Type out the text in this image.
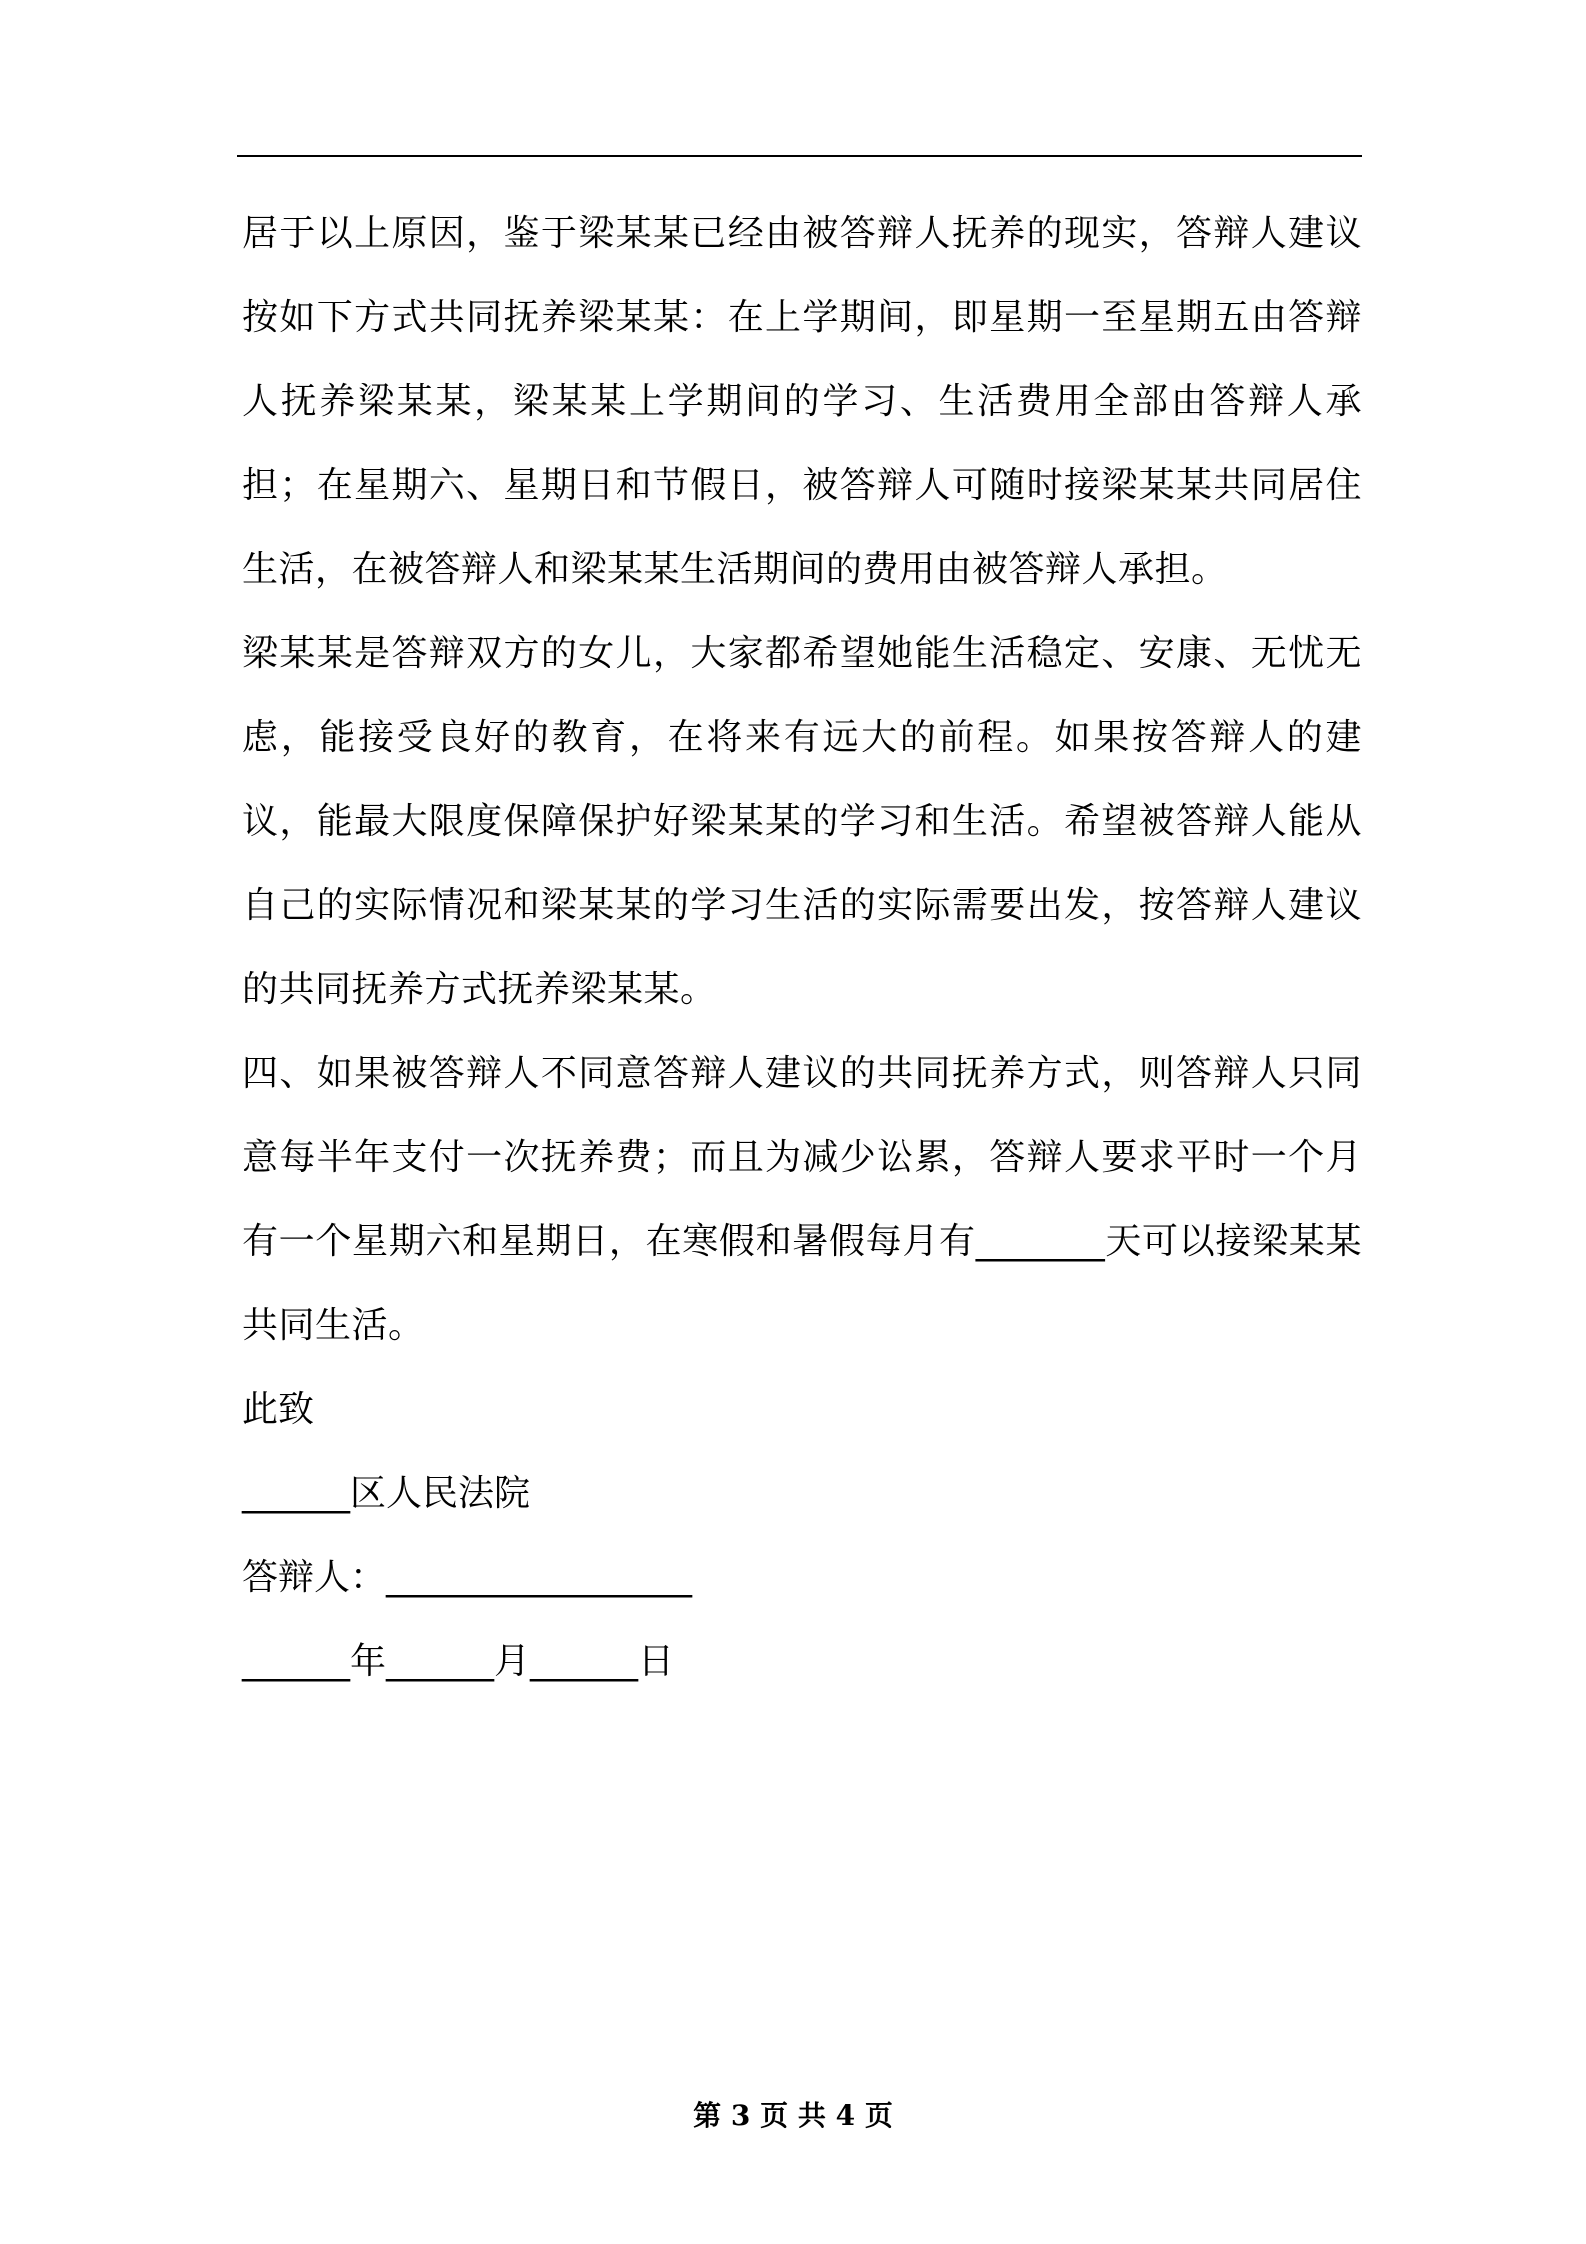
居于以上原因，鉴于梁某某已经由被答辩人抚养的现实，答辩人建议按如下方式共同抚养梁某某：在上学期间，即星期一至星期五由答辩人抚养梁某某，梁某某上学期间的学习、生活费用全部由答辩人承担；在星期六、星期日和节假日，被答辩人可随时接梁某某共同居住生活，在被答辩人和梁某某生活期间的费用由被答辩人承担。

梁某某是答辩双方的女儿，大家都希望她能生活稳定、安康、无忧无虑，能接受良好的教育，在将来有远大的前程。如果按答辩人的建议，能最大限度保障保护好梁某某的学习和生活。希望被答辩人能从自己的实际情况和梁某某的学习生活的实际需要出发，按答辩人建议的共同抚养方式抚养梁某某。

四、如果被答辩人不同意答辩人建议的共同抚养方式，则答辩人只同意每半年支付一次抚养费；而且为减少讼累，答辩人要求平时一个月有一个星期六和星期日，在寒假和暑假每月有_______天可以接梁某某共同生活。

此致

______区人民法院

答辩人：_________________

______年______月______日

第 3 页 共 4 页
